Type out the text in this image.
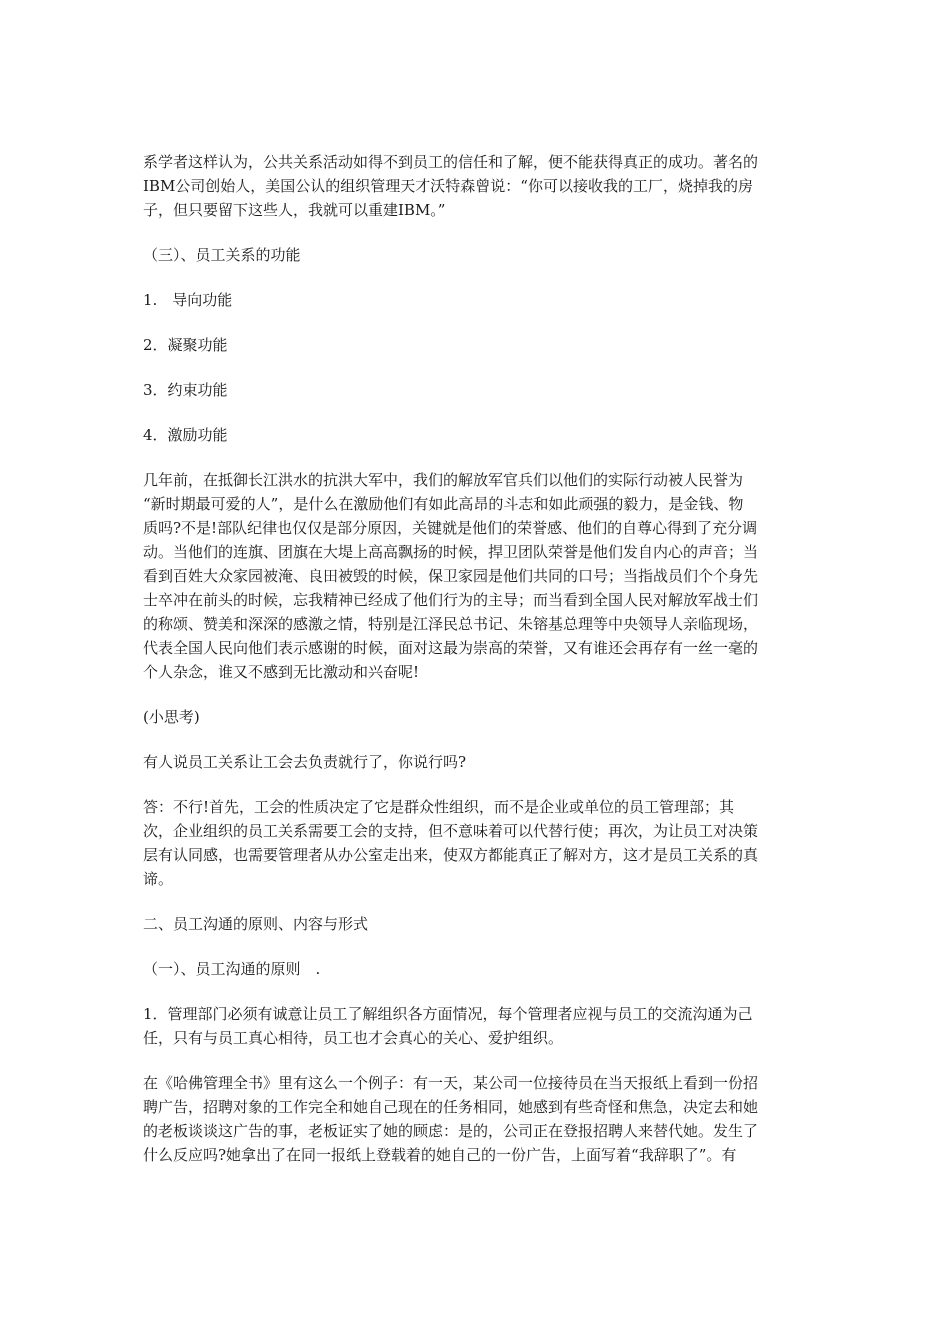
系学者这样认为，公共关系活动如得不到员工的信任和了解，便不能获得真正的成功。著名的
IBM公司创始人，美国公认的组织管理天才沃特森曾说：“你可以接收我的工厂，烧掉我的房
子，但只要留下这些人，我就可以重建IBM。”

（三）、员工关系的功能

1.　导向功能

2．凝聚功能

3．约束功能

4．激励功能

几年前，在抵御长江洪水的抗洪大军中，我们的解放军官兵们以他们的实际行动被人民誉为
“新时期最可爱的人”，是什么在激励他们有如此高昂的斗志和如此顽强的毅力，是金钱、物
质吗?不是!部队纪律也仅仅是部分原因，关键就是他们的荣誉感、他们的自尊心得到了充分调
动。当他们的连旗、团旗在大堤上高高飘扬的时候，捍卫团队荣誉是他们发自内心的声音；当
看到百姓大众家园被淹、良田被毁的时候，保卫家园是他们共同的口号；当指战员们个个身先
士卒冲在前头的时候，忘我精神已经成了他们行为的主导；而当看到全国人民对解放军战士们
的称颂、赞美和深深的感激之情，特别是江泽民总书记、朱镕基总理等中央领导人亲临现场，
代表全国人民向他们表示感谢的时候，面对这最为崇高的荣誉，又有谁还会再存有一丝一毫的
个人杂念，谁又不感到无比激动和兴奋呢!

(小思考)

有人说员工关系让工会去负责就行了，你说行吗?

答：不行!首先，工会的性质决定了它是群众性组织，而不是企业或单位的员工管理部；其
次，企业组织的员工关系需要工会的支持，但不意味着可以代替行使；再次，为让员工对决策
层有认同感，也需要管理者从办公室走出来，使双方都能真正了解对方，这才是员工关系的真
谛。

二、员工沟通的原则、内容与形式

（一）、员工沟通的原则　.

1．管理部门必须有诚意让员工了解组织各方面情况，每个管理者应视与员工的交流沟通为己
任，只有与员工真心相待，员工也才会真心的关心、爱护组织。

在《哈佛管理全书》里有这么一个例子：有一天，某公司一位接待员在当天报纸上看到一份招
聘广告，招聘对象的工作完全和她自己现在的任务相同，她感到有些奇怪和焦急，决定去和她
的老板谈谈这广告的事，老板证实了她的顾虑：是的，公司正在登报招聘人来替代她。发生了
什么反应吗?她拿出了在同一报纸上登载着的她自己的一份广告，上面写着“我辞职了”。有
